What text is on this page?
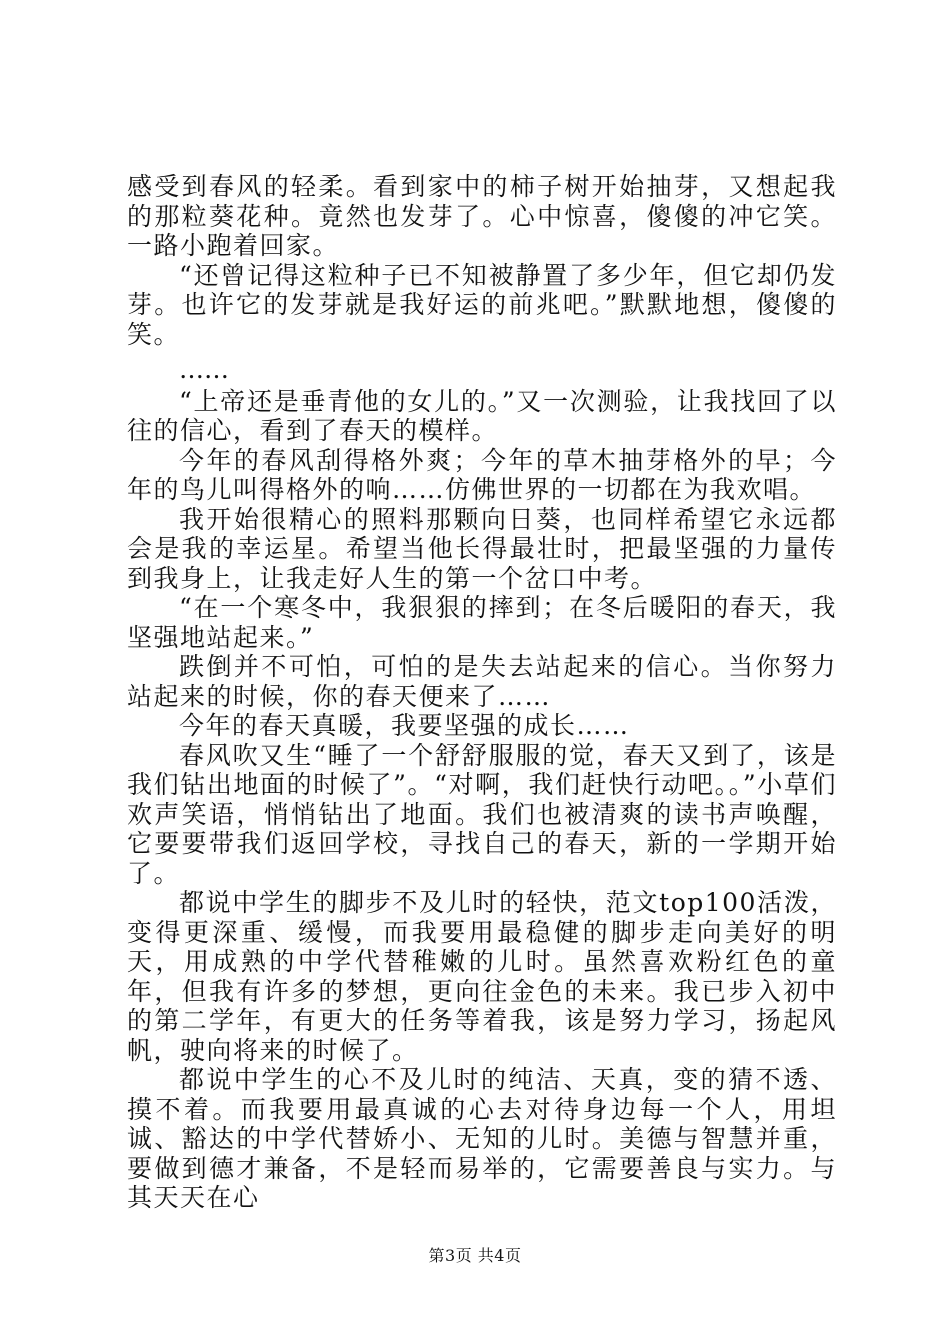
感受到春风的轻柔。看到家中的柿子树开始抽芽，又想起我的那粒葵花种。竟然也发芽了。心中惊喜，傻傻的冲它笑。一路小跑着回家。

“还曾记得这粒种子已不知被静置了多少年，但它却仍发芽。也许它的发芽就是我好运的前兆吧。”默默地想，傻傻的笑。

……

“上帝还是垂青他的女儿的。”又一次测验，让我找回了以往的信心，看到了春天的模样。

今年的春风刮得格外爽；今年的草木抽芽格外的早；今年的鸟儿叫得格外的响……仿佛世界的一切都在为我欢唱。

我开始很精心的照料那颗向日葵，也同样希望它永远都会是我的幸运星。希望当他长得最壮时，把最坚强的力量传到我身上，让我走好人生的第一个岔口中考。

“在一个寒冬中，我狠狠的摔到；在冬后暖阳的春天，我坚强地站起来。”

跌倒并不可怕，可怕的是失去站起来的信心。当你努力站起来的时候，你的春天便来了……

今年的春天真暖，我要坚强的成长……

春风吹又生“睡了一个舒舒服服的觉，春天又到了，该是我们钻出地面的时候了”。“对啊，我们赶快行动吧。。”小草们欢声笑语，悄悄钻出了地面。我们也被清爽的读书声唤醒，它要要带我们返回学校，寻找自己的春天，新的一学期开始了。

都说中学生的脚步不及儿时的轻快，范文top100活泼，变得更深重、缓慢，而我要用最稳健的脚步走向美好的明天，用成熟的中学代替稚嫩的儿时。虽然喜欢粉红色的童年，但我有许多的梦想，更向往金色的未来。我已步入初中的第二学年，有更大的任务等着我，该是努力学习，扬起风帆，驶向将来的时候了。

都说中学生的心不及儿时的纯洁、天真，变的猜不透、摸不着。而我要用最真诚的心去对待身边每一个人，用坦诚、豁达的中学代替娇小、无知的儿时。美德与智慧并重，要做到德才兼备，不是轻而易举的，它需要善良与实力。与其天天在心

第3页 共4页
